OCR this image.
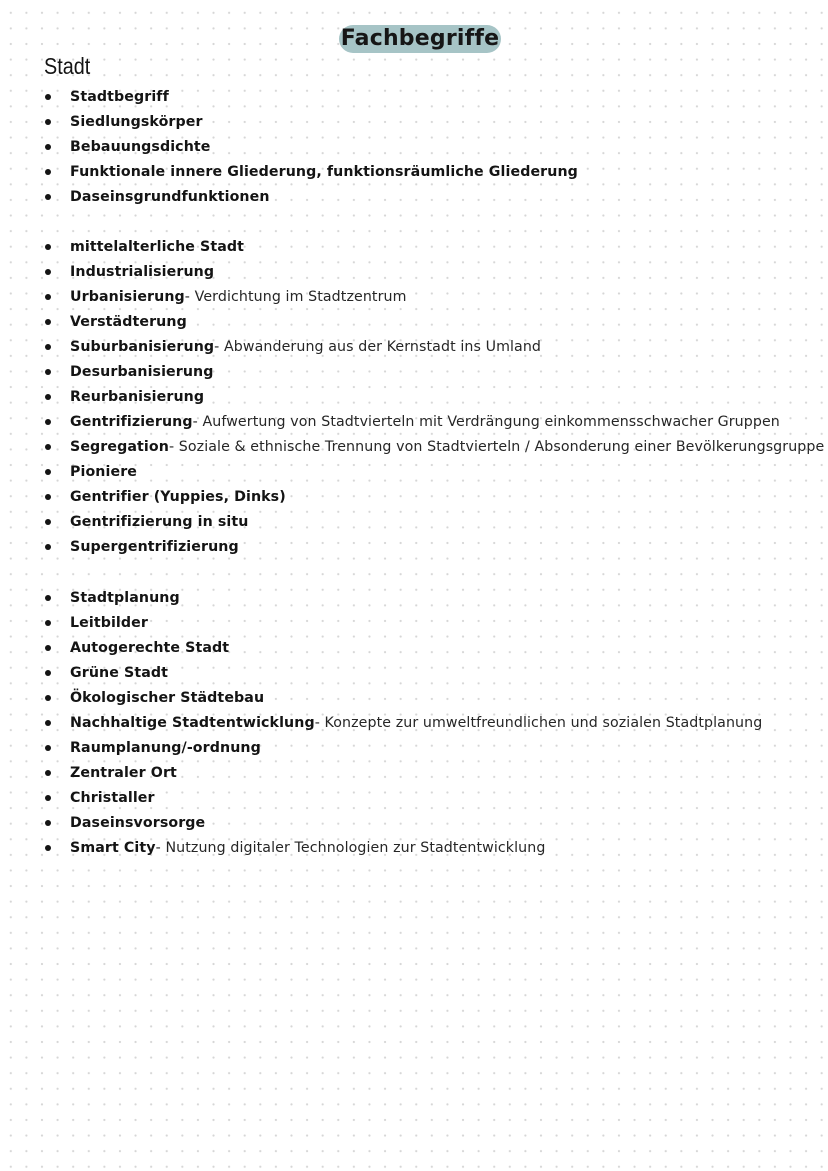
Fachbegriffe
Stadt
Stadtbegriff
Siedlungskörper
Bebauungsdichte
Funktionale innere Gliederung, funktionsräumliche Gliederung
Daseinsgrundfunktionen
mittelalterliche Stadt
Industrialisierung
Urbanisierung - Verdichtung im Stadtzentrum
Verstädterung
Suburbanisierung - Abwanderung aus der Kernstadt ins Umland
Desurbanisierung
Reurbanisierung
Gentrifizierung - Aufwertung von Stadtvierteln mit Verdrängung einkommensschwacher Gruppen
Segregation - Soziale & ethnische Trennung von Stadtvierteln / Absonderung einer Bevölkerungsgruppe
Pioniere
Gentrifier (Yuppies, Dinks)
Gentrifizierung in situ
Supergentrifizierung
Stadtplanung
Leitbilder
Autogerechte Stadt
Grüne Stadt
Ökologischer Städtebau
Nachhaltige Stadtentwicklung - Konzepte zur umweltfreundlichen und sozialen Stadtplanung
Raumplanung/-ordnung
Zentraler Ort
Christaller
Daseinsvorsorge
Smart City - Nutzung digitaler Technologien zur Stadtentwicklung
